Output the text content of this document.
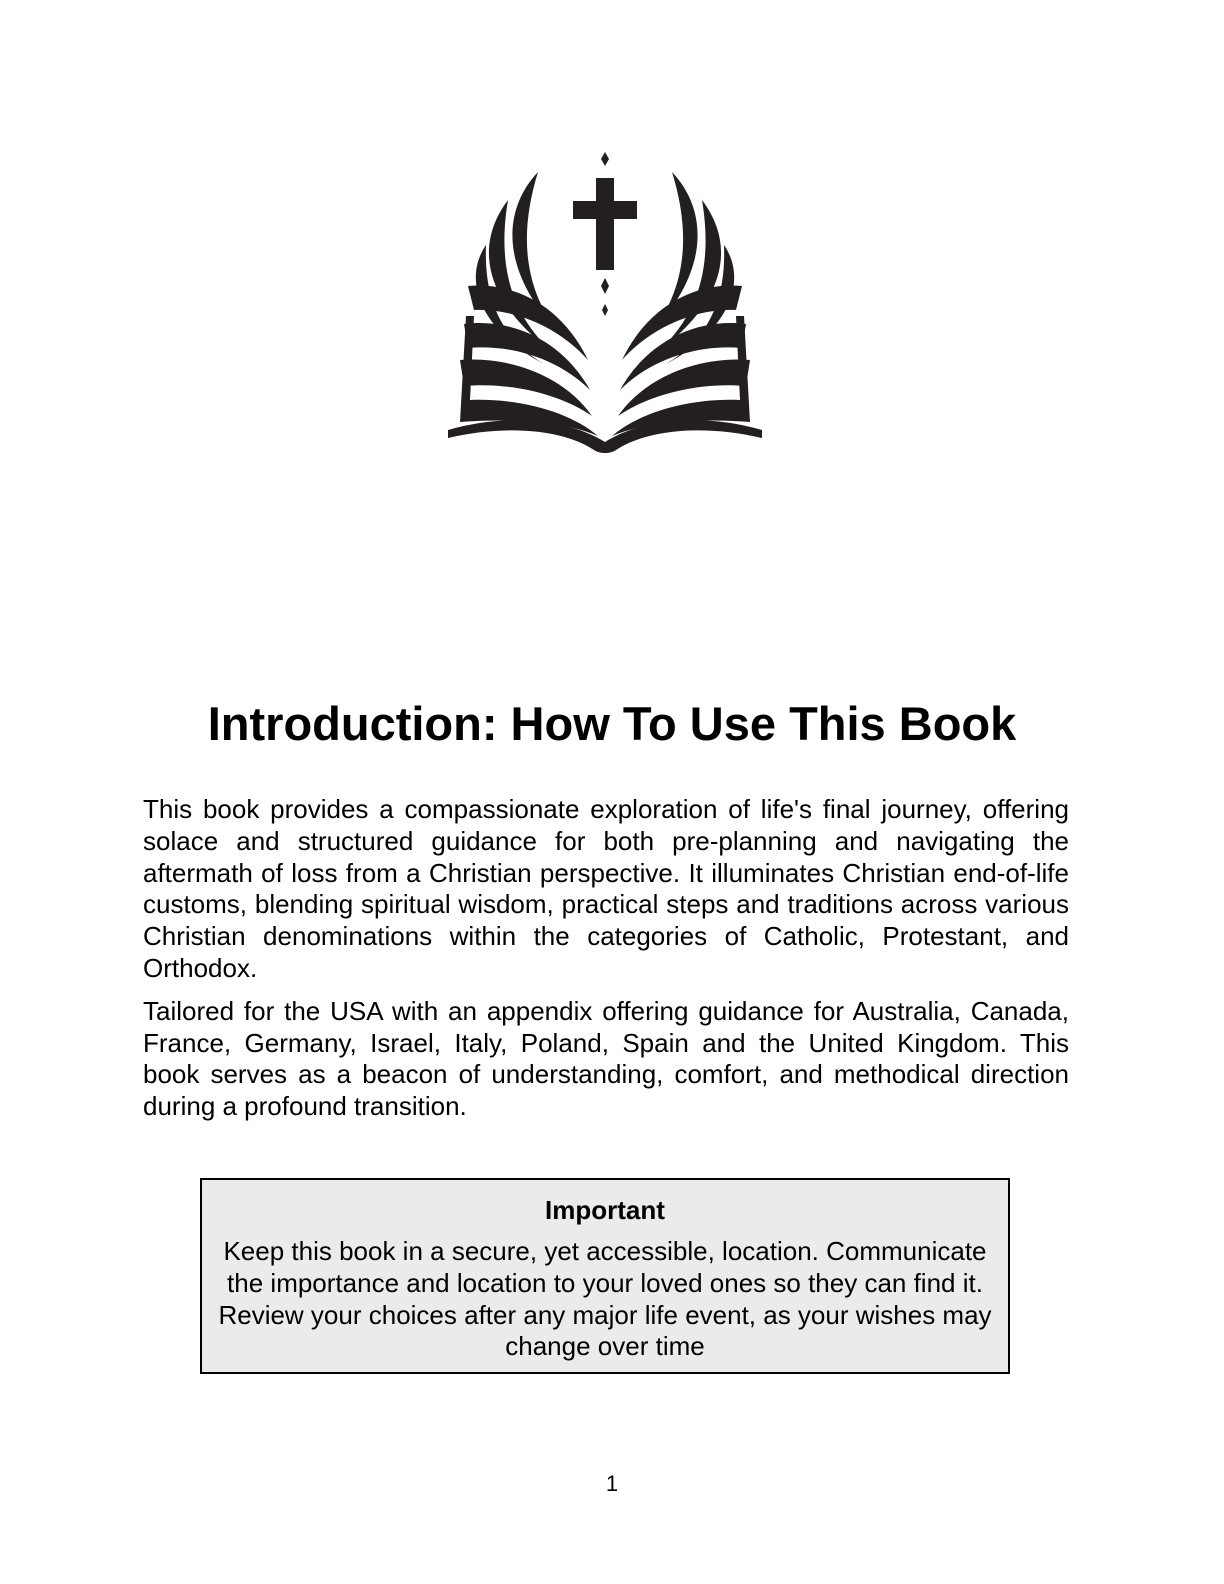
Introduction: How To Use This Book

This book provides a compassionate exploration of life's final journey, offering solace and structured guidance for both pre-planning and navigating the aftermath of loss from a Christian perspective. It illuminates Christian end-of-life customs, blending spiritual wisdom, practical steps and traditions across various Christian denominations within the categories of Catholic, Protestant, and Orthodox.

Tailored for the USA with an appendix offering guidance for Australia, Canada, France, Germany, Israel, Italy, Poland, Spain and the United Kingdom. This book serves as a beacon of understanding, comfort, and methodical direction during a profound transition.

Important
Keep this book in a secure, yet accessible, location. Communicate the importance and location to your loved ones so they can find it. Review your choices after any major life event, as your wishes may change over time
1
